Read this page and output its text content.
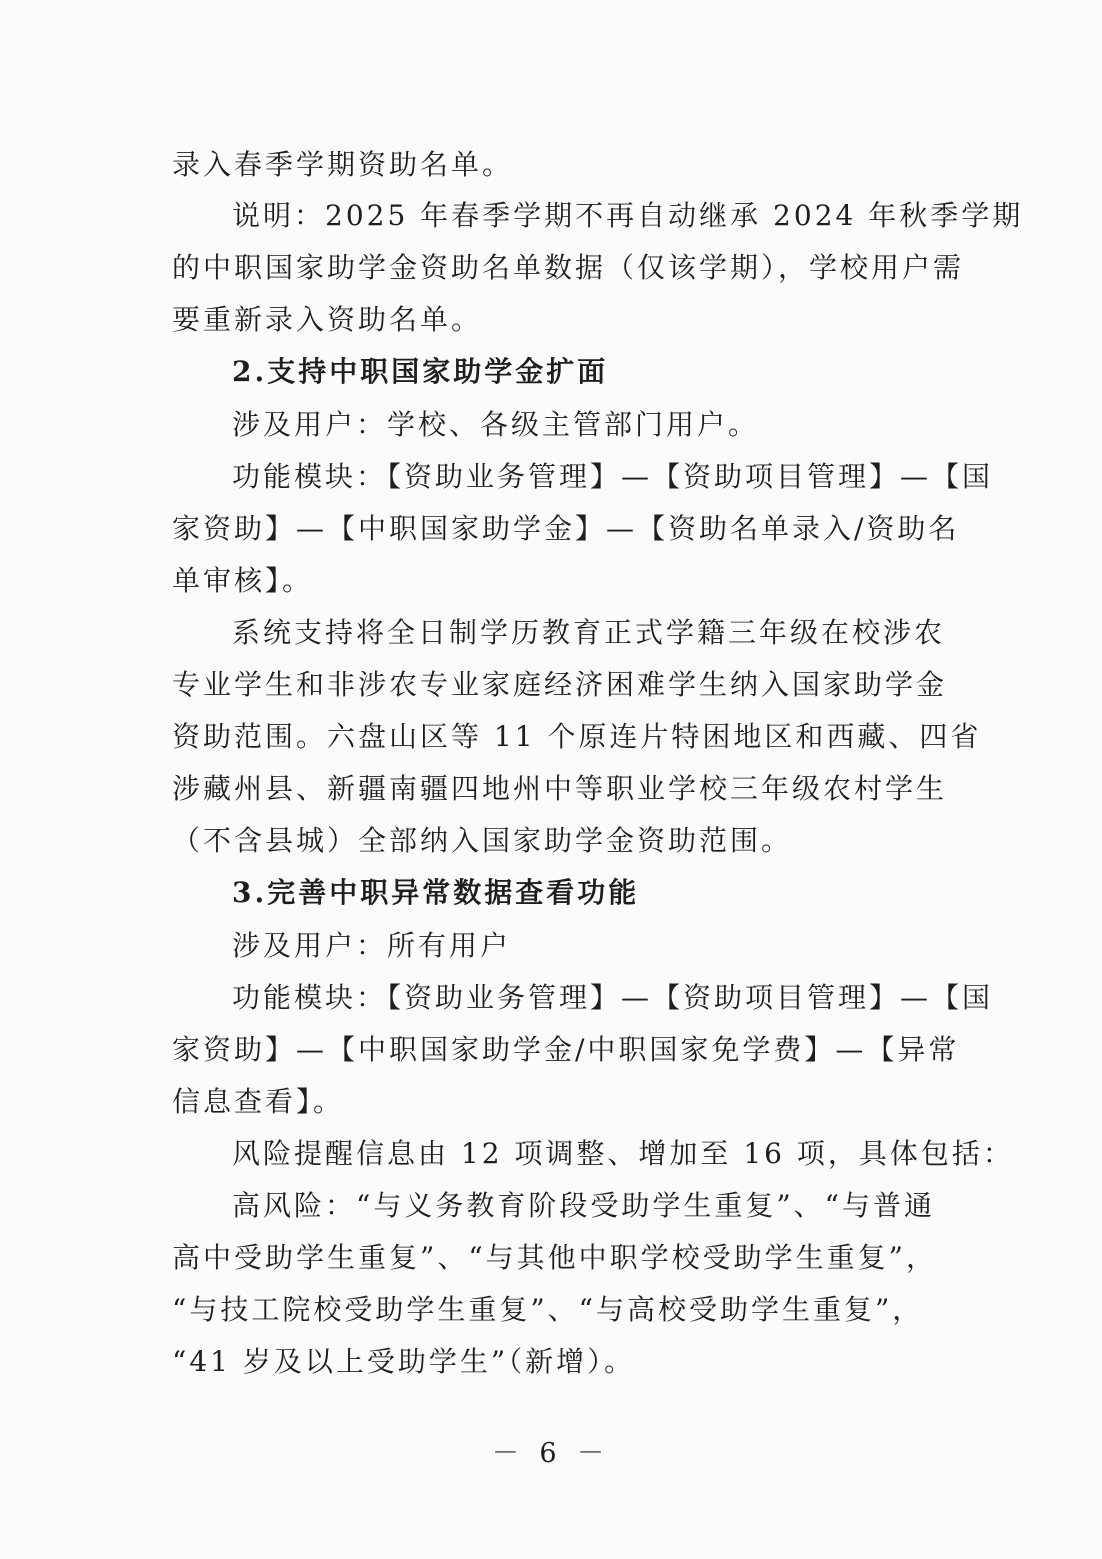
录入春季学期资助名单。
说明：2025 年春季学期不再自动继承 2024 年秋季学期
的中职国家助学金资助名单数据（仅该学期），学校用户需
要重新录入资助名单。
2.支持中职国家助学金扩面
涉及用户：学校、各级主管部门用户。
功能模块：【资助业务管理】—【资助项目管理】—【国
家资助】—【中职国家助学金】—【资助名单录入/资助名
单审核】。
系统支持将全日制学历教育正式学籍三年级在校涉农
专业学生和非涉农专业家庭经济困难学生纳入国家助学金
资助范围。六盘山区等 11 个原连片特困地区和西藏、四省
涉藏州县、新疆南疆四地州中等职业学校三年级农村学生
（不含县城）全部纳入国家助学金资助范围。
3.完善中职异常数据查看功能
涉及用户：所有用户
功能模块：【资助业务管理】—【资助项目管理】—【国
家资助】—【中职国家助学金/中职国家免学费】—【异常
信息查看】。
风险提醒信息由 12 项调整、增加至 16 项，具体包括：
高风险：“与义务教育阶段受助学生重复”、“与普通
高中受助学生重复”、“与其他中职学校受助学生重复”，
“与技工院校受助学生重复”、“与高校受助学生重复”，
“41 岁及以上受助学生”（新增）。
－ 6 －
